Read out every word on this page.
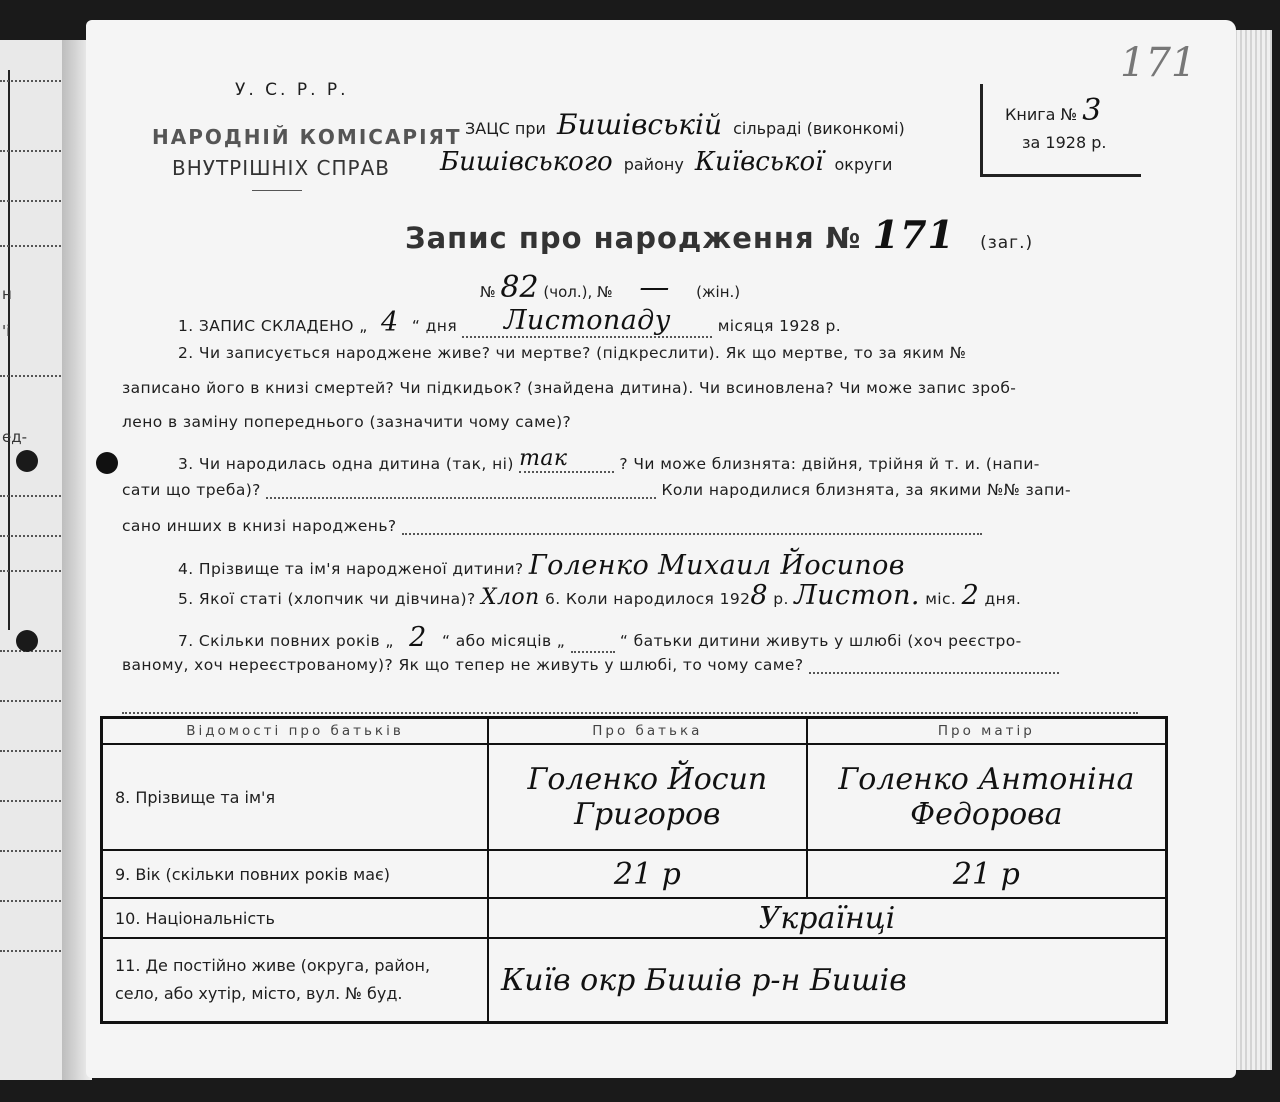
н
'і
ед-
У. С. Р. Р.
НАРОДНІЙ КОМІСАРІЯТ
ВНУТРІШНІХ СПРАВ
ЗАЦС при Бишівській сільраді (виконкомі)
Бишівського району Київської округи
Книга № 3
за 1928 р.
171
Запис про народження № 171 (заг.)
№ 82 (чол.), № — (жін.)
1. ЗАПИС СКЛАДЕНО „ 4 “ дня Листопаду	місяця 1928 р.
2. Чи записується народжене живе? чи мертве? (підкреслити). Як що мертве, то за яким №
записано його в книзі смертей? Чи підкидьок? (знайдена дитина). Чи всиновлена? Чи може запис зроб-
лено в заміну попереднього (зазначити чому саме)?
3. Чи народилась одна дитина (так, ні) так	? Чи може близнята: двійня, трійня й т. и. (напи-
сати що треба)?	Коли народилися близнята, за якими №№ запи-
сано инших в книзі народжень?
4. Прізвище та ім'я народженої дитини? Голенко Михаил Йосипов
5. Якої статі (хлопчик чи дівчина)? Хлоп 6. Коли народилося 1928 р. Листоп. міс. 2 дня.
7. Скільки повних років „ 2 “ або місяців „	“ батьки дитини живуть у шлюбі (хоч реєстро-
ваному, хоч нереєстрованому)? Як що тепер не живуть у шлюбі, то чому саме?
Відомості про батьків	Про батька	Про матір
8. Прізвище та ім'я	Голенко Йосип Григоров	Голенко Антоніна Федорова
9. Вік (скільки повних років має)	21 р	21 р
10. Національність	Українці	
11. Де постійно живе (округа, район, село, або хутір, місто, вул. № буд.	Київ окр Бишів р-н Бишів	
